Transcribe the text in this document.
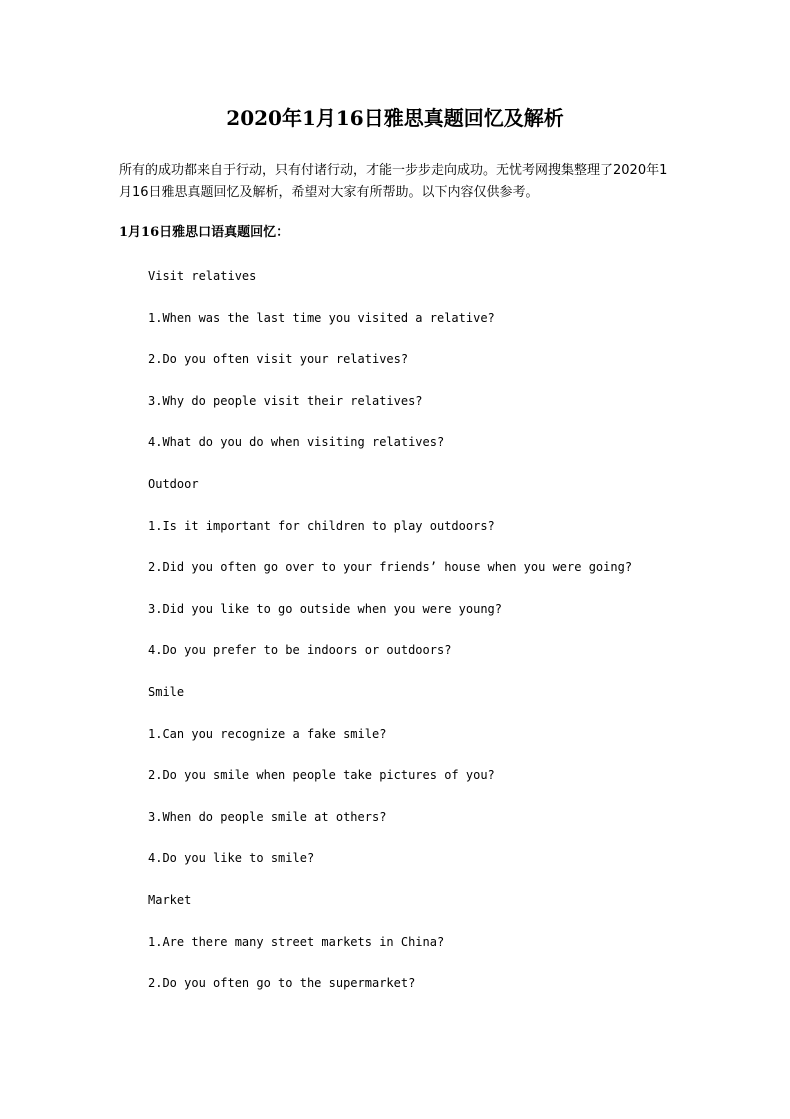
2020年1月16日雅思真题回忆及解析

所有的成功都来自于行动，只有付诸行动，才能一步步走向成功。无忧考网搜集整理了2020年1月16日雅思真题回忆及解析，希望对大家有所帮助。以下内容仅供参考。

1月16日雅思口语真题回忆：

Visit relatives
1.When was the last time you visited a relative?
2.Do you often visit your relatives?
3.Why do people visit their relatives?
4.What do you do when visiting relatives?
Outdoor
1.Is it important for children to play outdoors?
2.Did you often go over to your friends’ house when you were going?
3.Did you like to go outside when you were young?
4.Do you prefer to be indoors or outdoors?
Smile
1.Can you recognize a fake smile?
2.Do you smile when people take pictures of you?
3.When do people smile at others?
4.Do you like to smile?
Market
1.Are there many street markets in China?
2.Do you often go to the supermarket?
